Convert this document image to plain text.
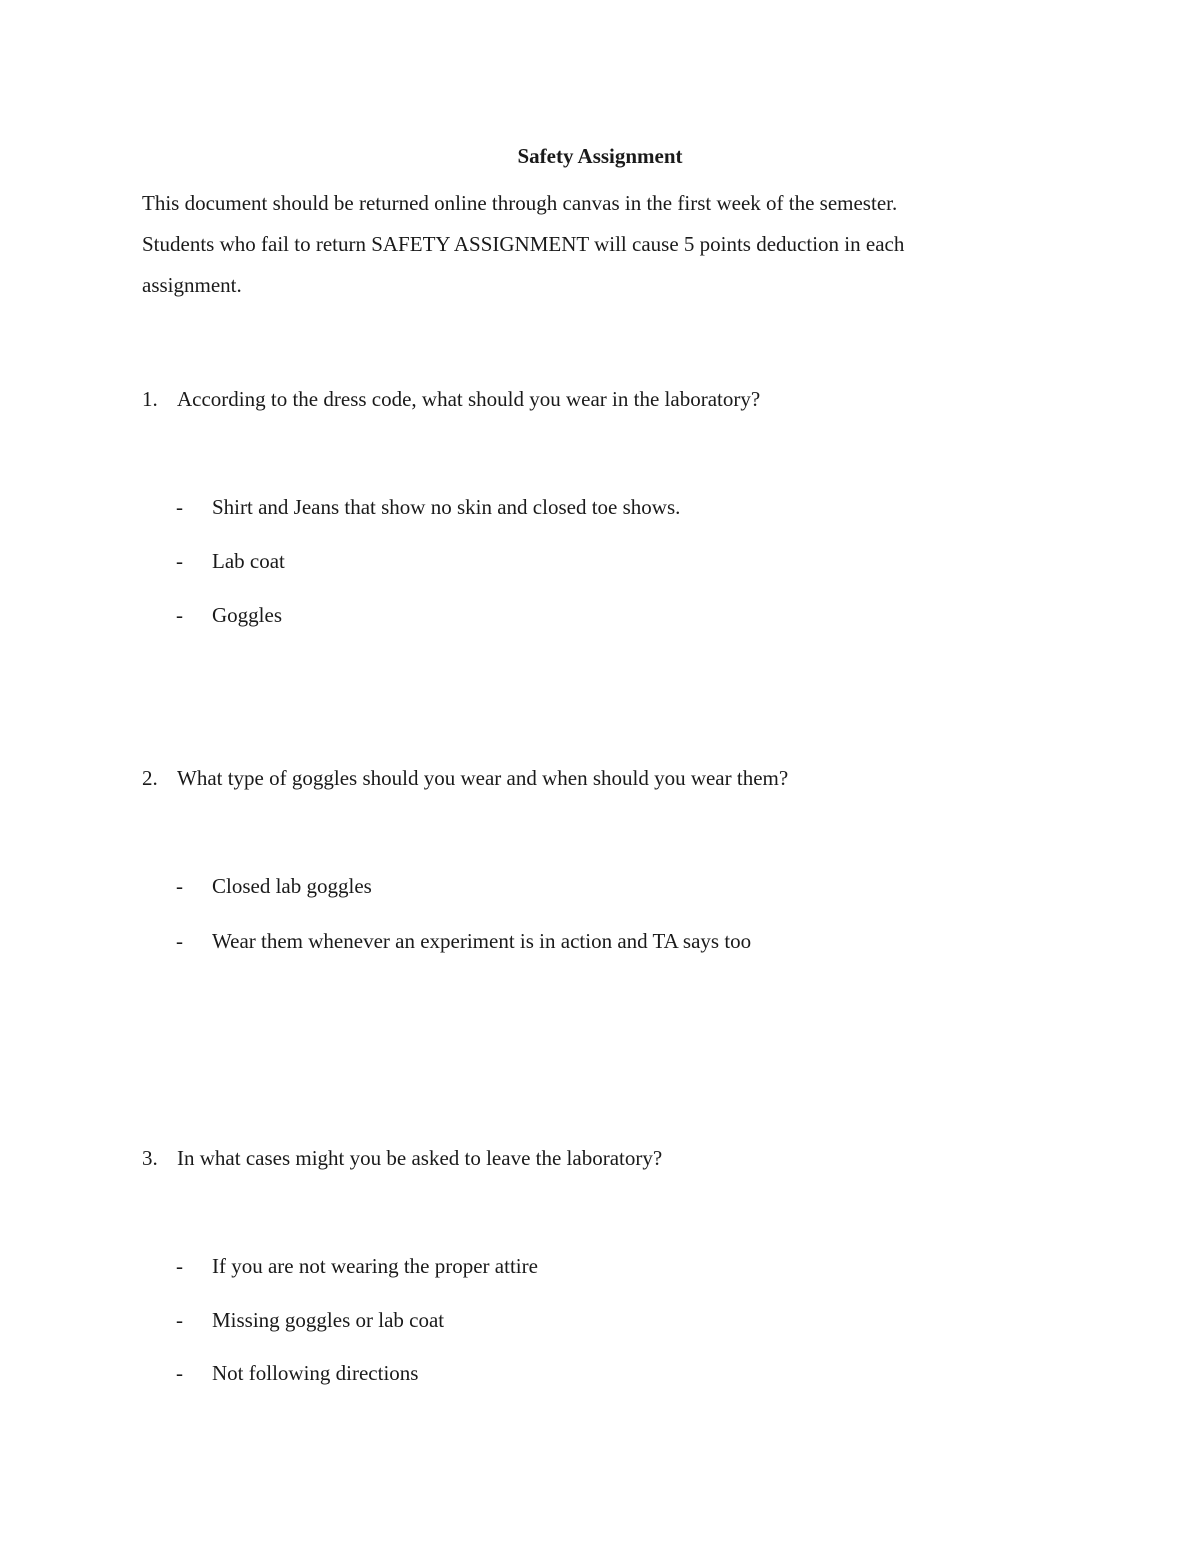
Safety Assignment

This document should be returned online through canvas in the first week of the semester.

Students who fail to return SAFETY ASSIGNMENT will cause 5 points deduction in each

assignment.

1. According to the dress code, what should you wear in the laboratory?
- Shirt and Jeans that show no skin and closed toe shows.
- Lab coat
- Goggles
2. What type of goggles should you wear and when should you wear them?
- Closed lab goggles
- Wear them whenever an experiment is in action and TA says too
3. In what cases might you be asked to leave the laboratory?
- If you are not wearing the proper attire
- Missing goggles or lab coat
- Not following directions
